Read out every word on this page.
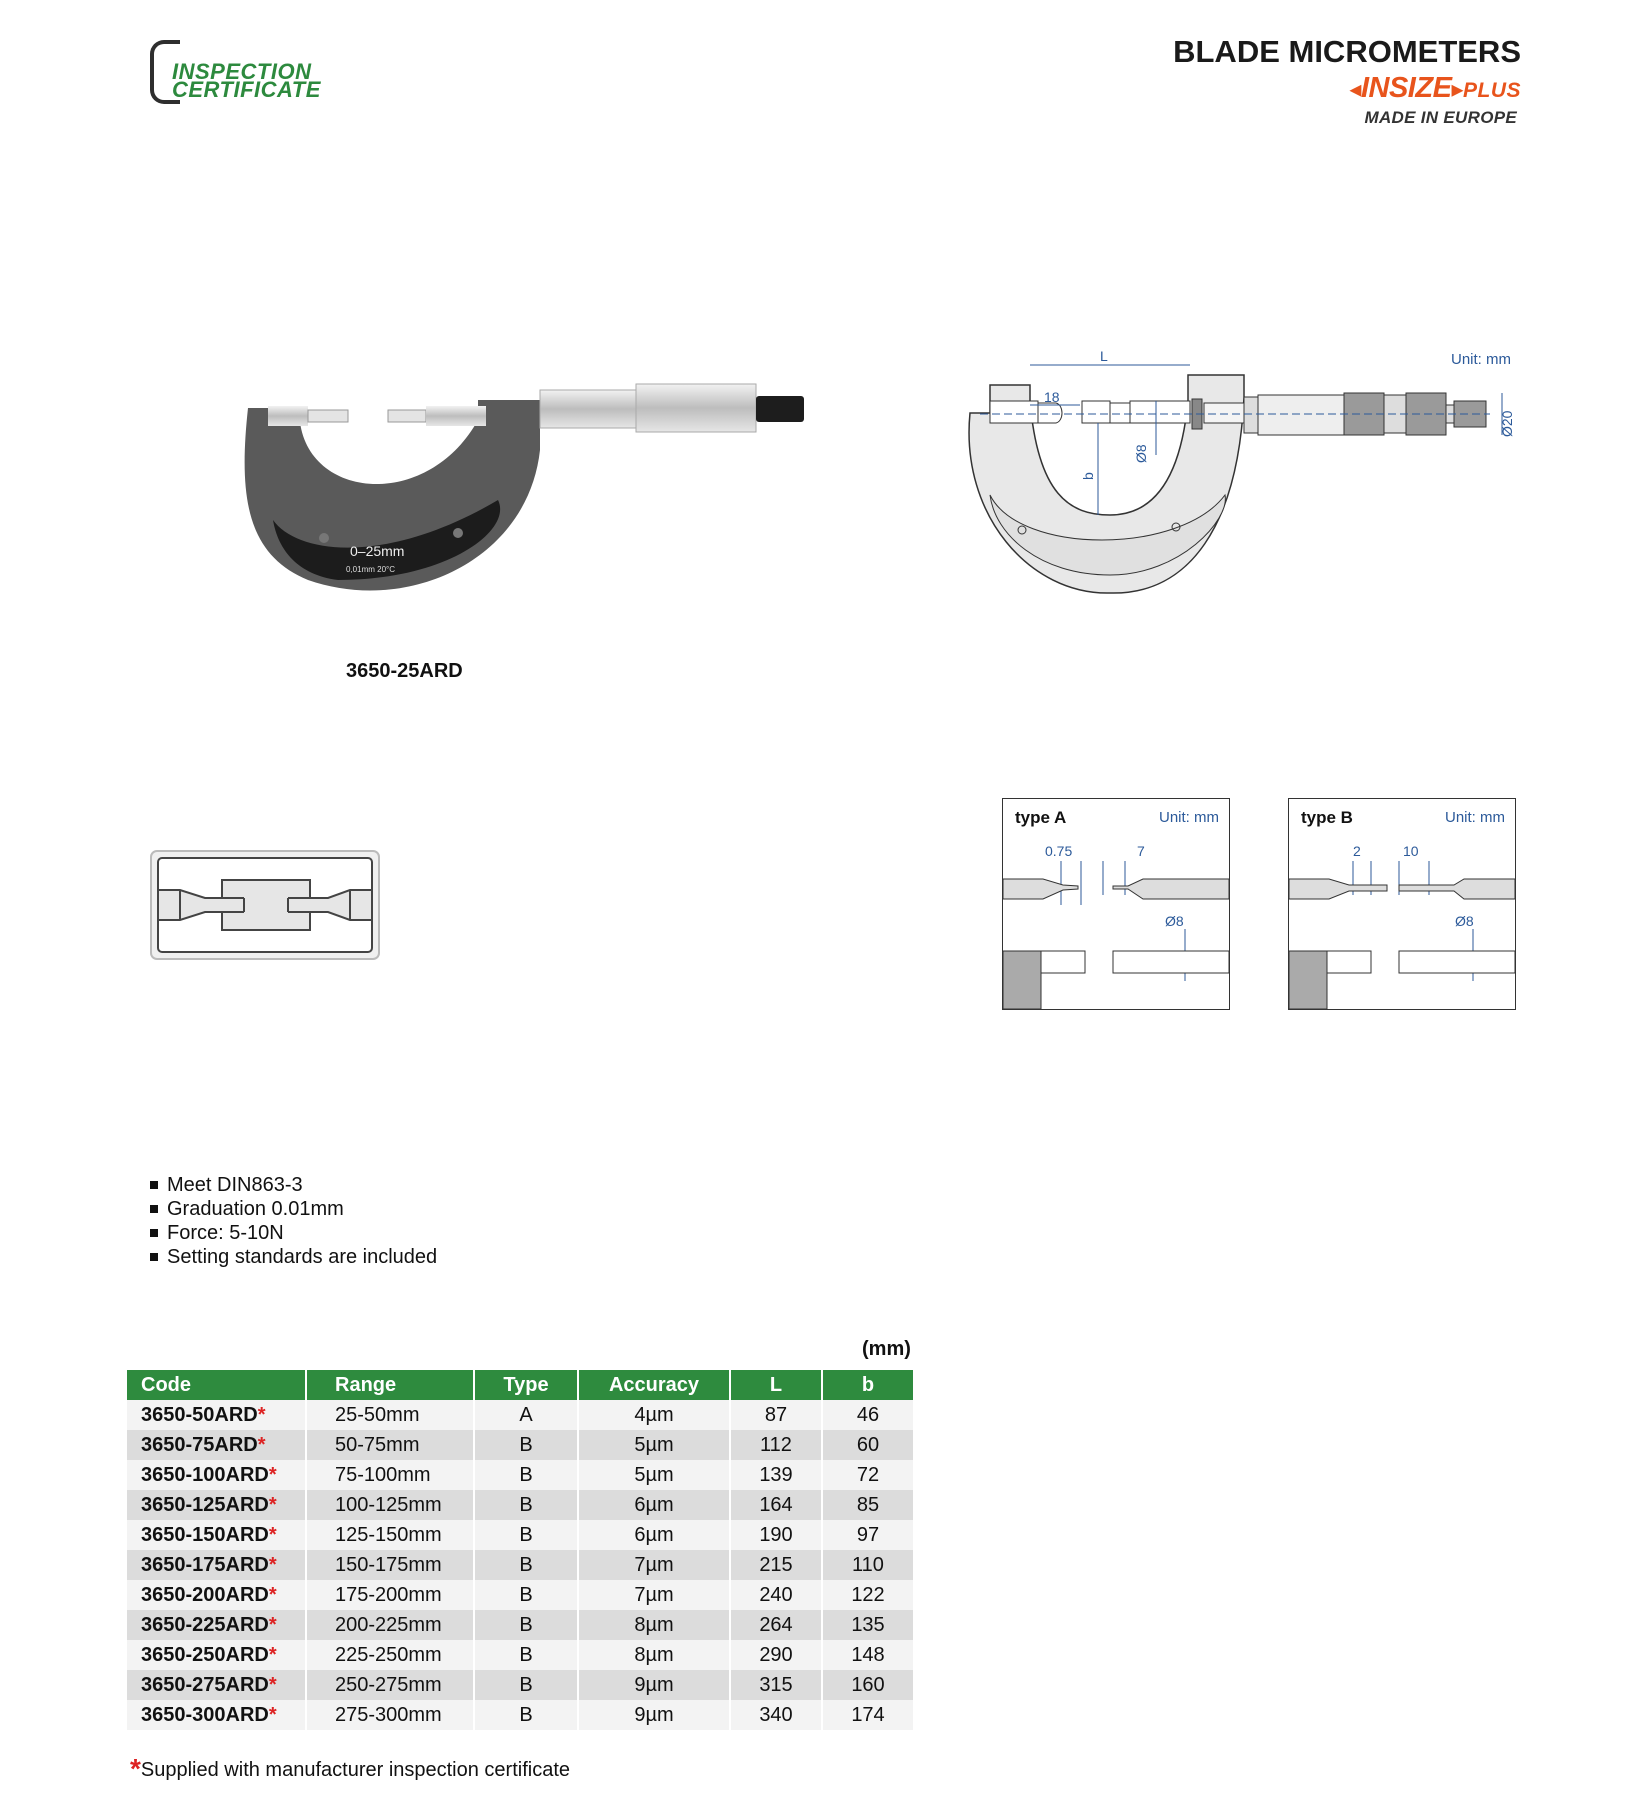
INSPECTION
CERTIFICATE
BLADE MICROMETERS
◂INSIZE▸PLUS
MADE IN EUROPE
0–25mm
0,01mm 20°C
3650-25ARD
Unit: mm
L
18
b
Ø8
Ø20
type A	Unit: mm
0.75	7
Ø8
type B	Unit: mm
2	10
Ø8
Meet DIN863-3
Graduation 0.01mm
Force: 5-10N
Setting standards are included
(mm)
Code	Range	Type	Accuracy	L	b
3650-50ARD*	25-50mm	A	4µm	87	46
3650-75ARD*	50-75mm	B	5µm	112	60
3650-100ARD*	75-100mm	B	5µm	139	72
3650-125ARD*	100-125mm	B	6µm	164	85
3650-150ARD*	125-150mm	B	6µm	190	97
3650-175ARD*	150-175mm	B	7µm	215	110
3650-200ARD*	175-200mm	B	7µm	240	122
3650-225ARD*	200-225mm	B	8µm	264	135
3650-250ARD*	225-250mm	B	8µm	290	148
3650-275ARD*	250-275mm	B	9µm	315	160
3650-300ARD*	275-300mm	B	9µm	340	174
*Supplied with manufacturer inspection certificate
